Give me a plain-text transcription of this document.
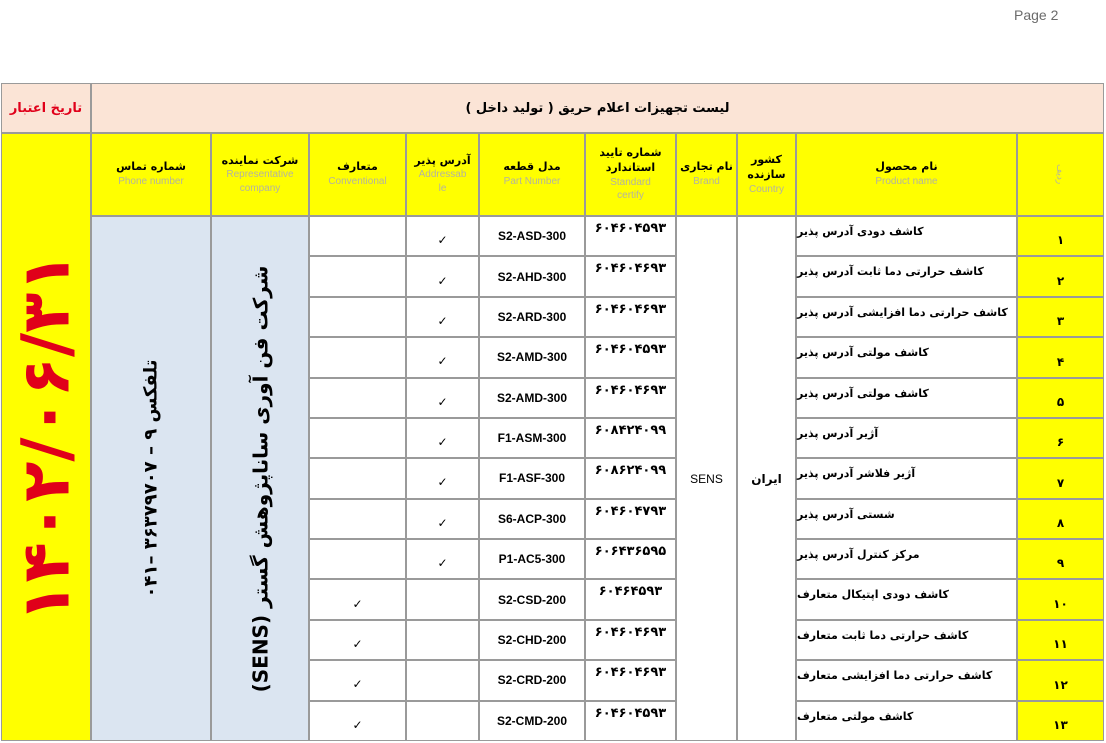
Page 2
تاریخ اعتبار	لیست تجهیزات اعلام حریق ( تولید داخل )
۱۴۰۲/۰۶/۳۱
ردیف
نام محصول
Product name
کشور
سازنده
Country
نام تجاری
Brand
شماره تایید
استاندارد
Standard
certify
مدل قطعه
Part Number
آدرس پذیر
Addressab
le
متعارف
Conventional
شرکت نماینده
Representative
company
شماره تماس
Phone number
ایران
SENS
شرکت فن آوری ساناپژوهش گستر (SENS)
تلفکس ۹ – ۳۶۳۷۹۷۰۷ –۰۴۱
۱
کاشف دودی آدرس پذیر
۶۰۴۶۰۴۵۹۳
S2-ASD-300
✓
۲
کاشف حرارتی دما ثابت آدرس پذیر
۶۰۴۶۰۴۶۹۳
S2-AHD-300
✓
۳
کاشف حرارتی دما افزایشی آدرس پذیر
۶۰۴۶۰۴۶۹۳
S2-ARD-300
✓
۴
کاشف مولتی آدرس پذیر
۶۰۴۶۰۴۵۹۳
S2-AMD-300
✓
۵
کاشف مولتی آدرس پذیر
۶۰۴۶۰۴۶۹۳
S2-AMD-300
✓
۶
آژیر آدرس پذیر
۶۰۸۴۲۴۰۹۹
F1-ASM-300
✓
۷
آژیر فلاشر آدرس پذیر
۶۰۸۶۲۴۰۹۹
F1-ASF-300
✓
۸
شستی آدرس پذیر
۶۰۴۶۰۴۷۹۳
S6-ACP-300
✓
۹
مرکز کنترل آدرس پذیر
۶۰۶۴۳۶۵۹۵
P1-AC5-300
✓
۱۰
کاشف دودی اپتیکال متعارف
۶۰۴۶۴۵۹۳
S2-CSD-200
✓
۱۱
کاشف حرارتی دما ثابت متعارف
۶۰۴۶۰۴۶۹۳
S2-CHD-200
✓
۱۲
کاشف حرارتی دما افزایشی متعارف
۶۰۴۶۰۴۶۹۳
S2-CRD-200
✓
۱۳
کاشف مولتی متعارف
۶۰۴۶۰۴۵۹۳
S2-CMD-200
✓
